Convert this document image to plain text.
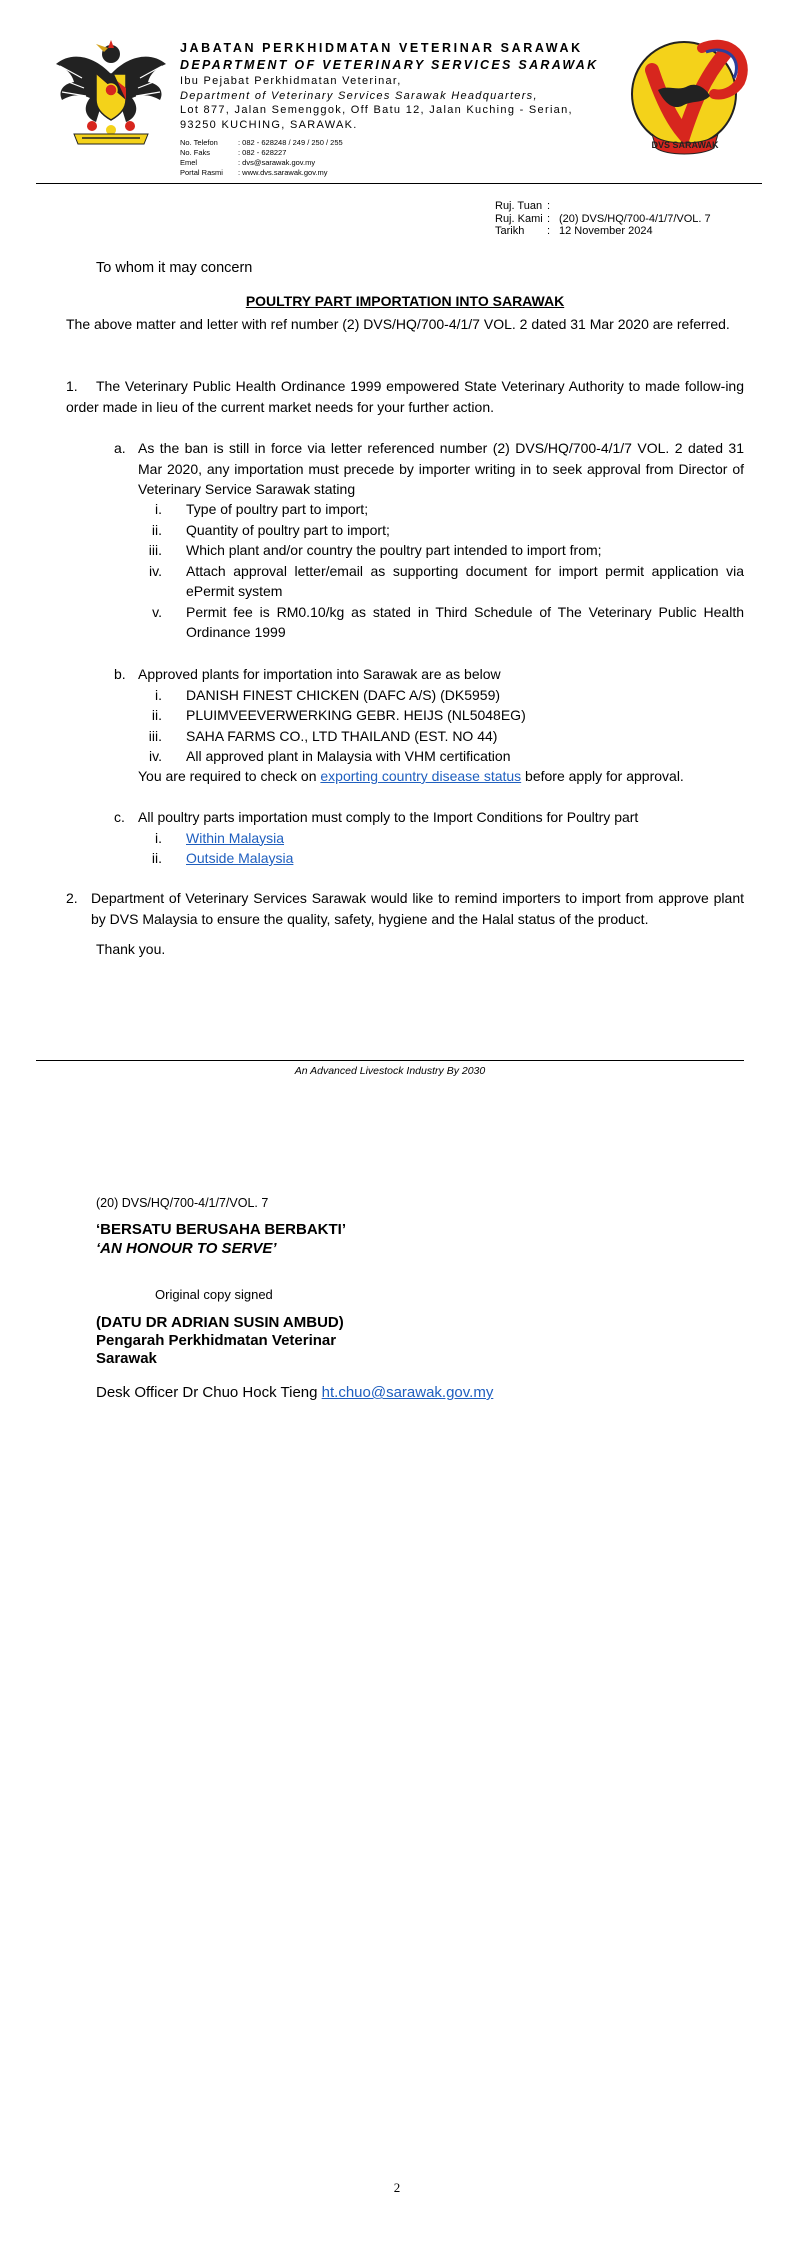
JABATAN PERKHIDMATAN VETERINAR SARAWAK
DEPARTMENT OF VETERINARY SERVICES SARAWAK
Ibu Pejabat Perkhidmatan Veterinar,
Department of Veterinary Services Sarawak Headquarters,
Lot 877, Jalan Semenggok, Off Batu 12, Jalan Kuching - Serian,
93250 KUCHING, SARAWAK.
No. Telefon	: 082 - 628248 / 249 / 250 / 255
No. Faks	: 082 - 628227
Emel	: dvs@sarawak.gov.my
Portal Rasmi	: www.dvs.sarawak.gov.my
DVS SARAWAK
Ruj. Tuan	:	
Ruj. Kami	:	(20) DVS/HQ/700-4/1/7/VOL. 7
Tarikh	:	12 November 2024
To whom it may concern
POULTRY PART IMPORTATION INTO SARAWAK
The above matter and letter with ref number (2) DVS/HQ/700-4/1/7 VOL. 2 dated 31 Mar 2020 are referred.
1.	The Veterinary Public Health Ordinance 1999 empowered State Veterinary Authority to made follow-ing order made in lieu of the current market needs for your further action.
a. As the ban is still in force via letter referenced number (2) DVS/HQ/700-4/1/7 VOL. 2 dated 31 Mar 2020, any importation must precede by importer writing in to seek approval from Director of Veterinary Service Sarawak stating
i. Type of poultry part to import;
ii. Quantity of poultry part to import;
iii. Which plant and/or country the poultry part intended to import from;
iv. Attach approval letter/email as supporting document for import permit application via ePermit system
v. Permit fee is RM0.10/kg as stated in Third Schedule of The Veterinary Public Health Ordinance 1999
b. Approved plants for importation into Sarawak are as below
i. DANISH FINEST CHICKEN (DAFC A/S) (DK5959)
ii. PLUIMVEEVERWERKING GEBR. HEIJS (NL5048EG)
iii. SAHA FARMS CO., LTD THAILAND (EST. NO 44)
iv. All approved plant in Malaysia with VHM certification
You are required to check on exporting country disease status before apply for approval.
c. All poultry parts importation must comply to the Import Conditions for Poultry part
i. Within Malaysia
ii. Outside Malaysia
2. Department of Veterinary Services Sarawak would like to remind importers to import from approve plant by DVS Malaysia to ensure the quality, safety, hygiene and the Halal status of the product.
Thank you.
An Advanced Livestock Industry By 2030
(20) DVS/HQ/700-4/1/7/VOL. 7
‘BERSATU BERUSAHA BERBAKTI’
‘AN HONOUR TO SERVE’
Original copy signed
(DATU DR ADRIAN SUSIN AMBUD)
Pengarah Perkhidmatan Veterinar
Sarawak
Desk Officer Dr Chuo Hock Tieng ht.chuo@sarawak.gov.my
2
